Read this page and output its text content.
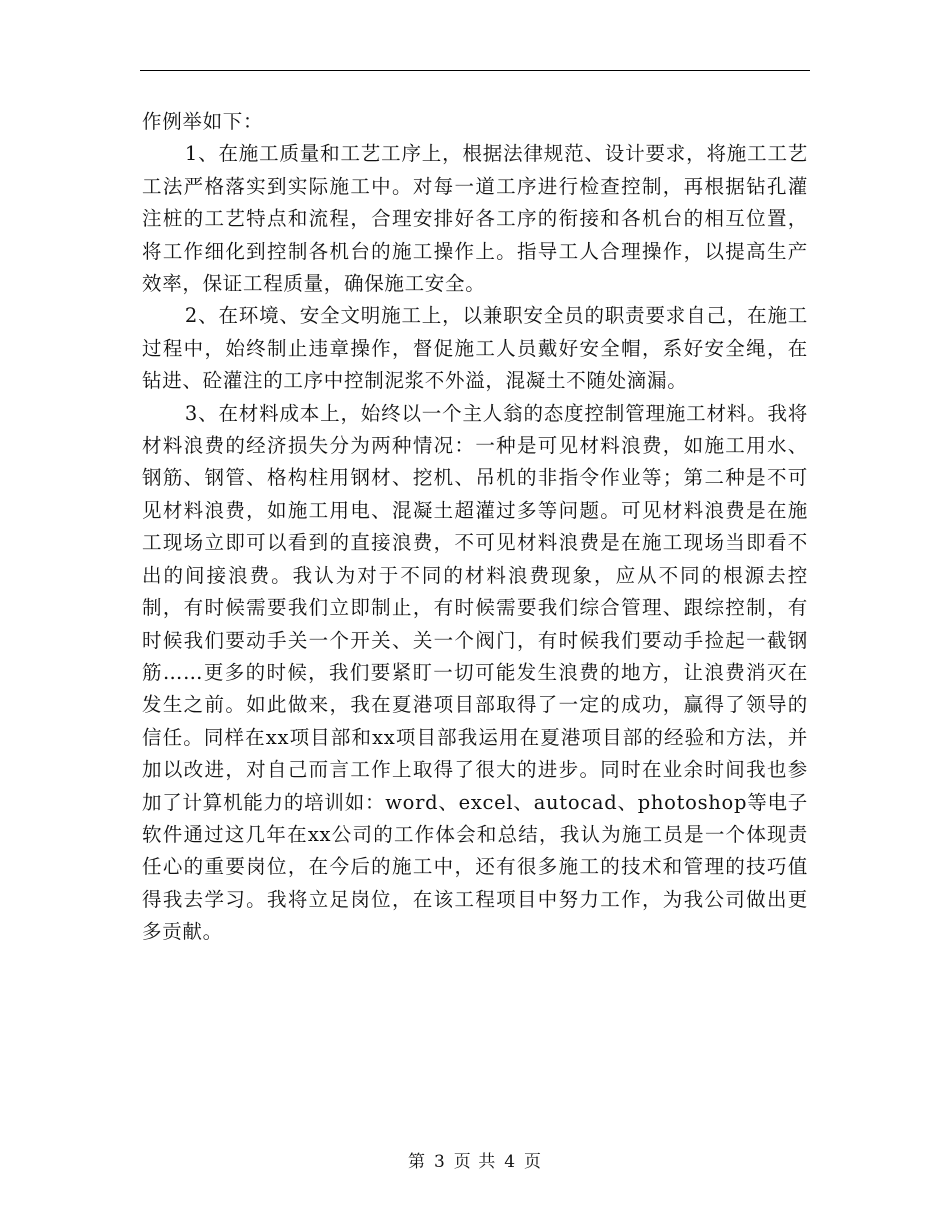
作例举如下：

1、在施工质量和工艺工序上，根据法律规范、设计要求，将施工工艺工法严格落实到实际施工中。对每一道工序进行检查控制，再根据钻孔灌注桩的工艺特点和流程，合理安排好各工序的衔接和各机台的相互位置，将工作细化到控制各机台的施工操作上。指导工人合理操作，以提高生产效率，保证工程质量，确保施工安全。

2、在环境、安全文明施工上，以兼职安全员的职责要求自己，在施工过程中，始终制止违章操作，督促施工人员戴好安全帽，系好安全绳，在钻进、砼灌注的工序中控制泥浆不外溢，混凝土不随处滴漏。

3、在材料成本上，始终以一个主人翁的态度控制管理施工材料。我将材料浪费的经济损失分为两种情况：一种是可见材料浪费，如施工用水、钢筋、钢管、格构柱用钢材、挖机、吊机的非指令作业等；第二种是不可见材料浪费，如施工用电、混凝土超灌过多等问题。可见材料浪费是在施工现场立即可以看到的直接浪费，不可见材料浪费是在施工现场当即看不出的间接浪费。我认为对于不同的材料浪费现象，应从不同的根源去控制，有时候需要我们立即制止，有时候需要我们综合管理、跟综控制，有时候我们要动手关一个开关、关一个阀门，有时候我们要动手捡起一截钢筋……更多的时候，我们要紧盯一切可能发生浪费的地方，让浪费消灭在发生之前。如此做来，我在夏港项目部取得了一定的成功，赢得了领导的信任。同样在xx项目部和xx项目部我运用在夏港项目部的经验和方法，并加以改进，对自己而言工作上取得了很大的进步。同时在业余时间我也参加了计算机能力的培训如：word、excel、autocad、photoshop等电子软件通过这几年在xx公司的工作体会和总结，我认为施工员是一个体现责任心的重要岗位，在今后的施工中，还有很多施工的技术和管理的技巧值得我去学习。我将立足岗位，在该工程项目中努力工作，为我公司做出更多贡献。

第 3 页 共 4 页
